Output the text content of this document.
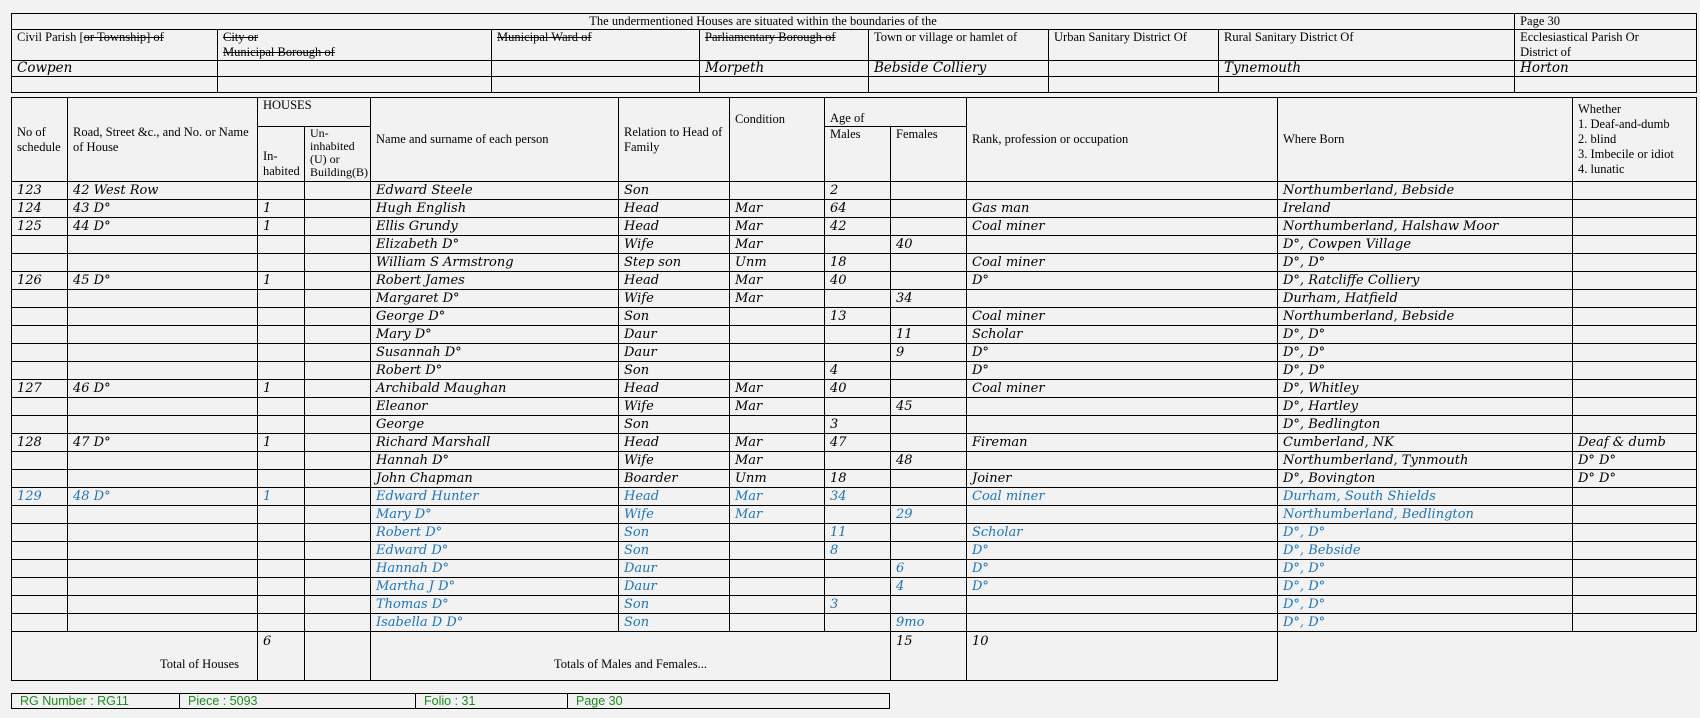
The undermentioned Houses are situated within the boundaries of the							Page 30
Civil Parish [or Township] of	City or	Municipal Ward of	Parliamentary Borough of	Town or village or hamlet of	Urban Sanitary District Of	Rural Sanitary District Of	Ecclesiastical Parish Or
	Municipal Borough of						District of
Cowpen			Morpeth	Bebside Colliery		Tynemouth	Horton

No of schedule	Road, Street &c., and No. or Name of House	HOUSES		Name and surname of each person	Relation to Head of Family	Condition	Age of		Rank, profession or occupation	Where Born	Whether
1. Deaf-and-dumb
2. blind
3. Imbecile or idiot
4. lunatic

		In-habited	Un-inhabited (U) or Building(B)				Males	Females			
123	42 West Row			Edward Steele	Son		2			Northumberland, Bebside	
124	43 D°	1		Hugh English	Head	Mar	64		Gas man	Ireland	
125	44 D°	1		Ellis Grundy	Head	Mar	42		Coal miner	Northumberland, Halshaw Moor	
				Elizabeth D°	Wife	Mar		40		D°, Cowpen Village	
				William S Armstrong	Step son	Unm	18		Coal miner	D°, D°	
126	45 D°	1		Robert James	Head	Mar	40		D°	D°, Ratcliffe Colliery	
				Margaret D°	Wife	Mar		34		Durham, Hatfield	
				George D°	Son		13		Coal miner	Northumberland, Bebside	
				Mary D°	Daur			11	Scholar	D°, D°	
				Susannah D°	Daur			9	D°	D°, D°	
				Robert D°	Son		4		D°	D°, D°	
127	46 D°	1		Archibald Maughan	Head	Mar	40		Coal miner	D°, Whitley	
				Eleanor	Wife	Mar		45		D°, Hartley	
				George	Son		3			D°, Bedlington	
128	47 D°	1		Richard Marshall	Head	Mar	47		Fireman	Cumberland, NK	Deaf & dumb
				Hannah D°	Wife	Mar		48		Northumberland, Tynmouth	D° D°
				John Chapman	Boarder	Unm	18		Joiner	D°, Bovington	D° D°
129	48 D°	1		Edward Hunter	Head	Mar	34		Coal miner	Durham, South Shields	
				Mary D°	Wife	Mar		29		Northumberland, Bedlington	
				Robert D°	Son		11		Scholar	D°, D°	
				Edward D°	Son		8		D°	D°, Bebside	
				Hannah D°	Daur			6	D°	D°, D°	
				Martha J D°	Daur			4	D°	D°, D°	
				Thomas D°	Son		3			D°, D°	
				Isabella D D°	Son			9mo		D°, D°	
Total of Houses		6		Totals of Males and Females...				15	10		
RG Number : RG11	Piece : 5093	Folio : 31	Page 30
